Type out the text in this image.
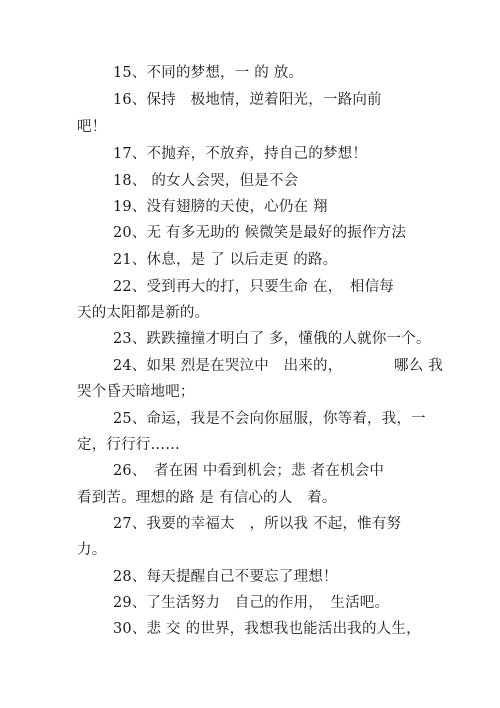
15、不同的梦想，一 的 放。
16、保持　极地情，逆着阳光，一路向前
吧！
17、不抛弃，不放弃，持自己的梦想！
18、 的女人会哭，但是不会
19、没有翅膀的天使，心仍在 翔
20、无 有多无助的 候微笑是最好的振作方法
21、休息，是 了 以后走更 的路。
22、受到再大的打，只要生命 在，　相信每
天的太阳都是新的。
23、跌跌撞撞才明白了 多，懂俄的人就你一个。
24、如果 烈是在哭泣中　出来的，　　　　哪么 我
哭个昏天暗地吧；
25、命运，我是不会向你屈服，你等着，我，一
定，行行行……
26、　者在困 中看到机会；悲 者在机会中
看到苦。理想的路 是 有信心的人　着。
27、我要的幸福太　，所以我 不起，惟有努
力。
28、每天提醒自己不要忘了理想！
29、了生活努力　自己的作用，　生活吧。
30、悲 交 的世界，我想我也能活出我的人生，
